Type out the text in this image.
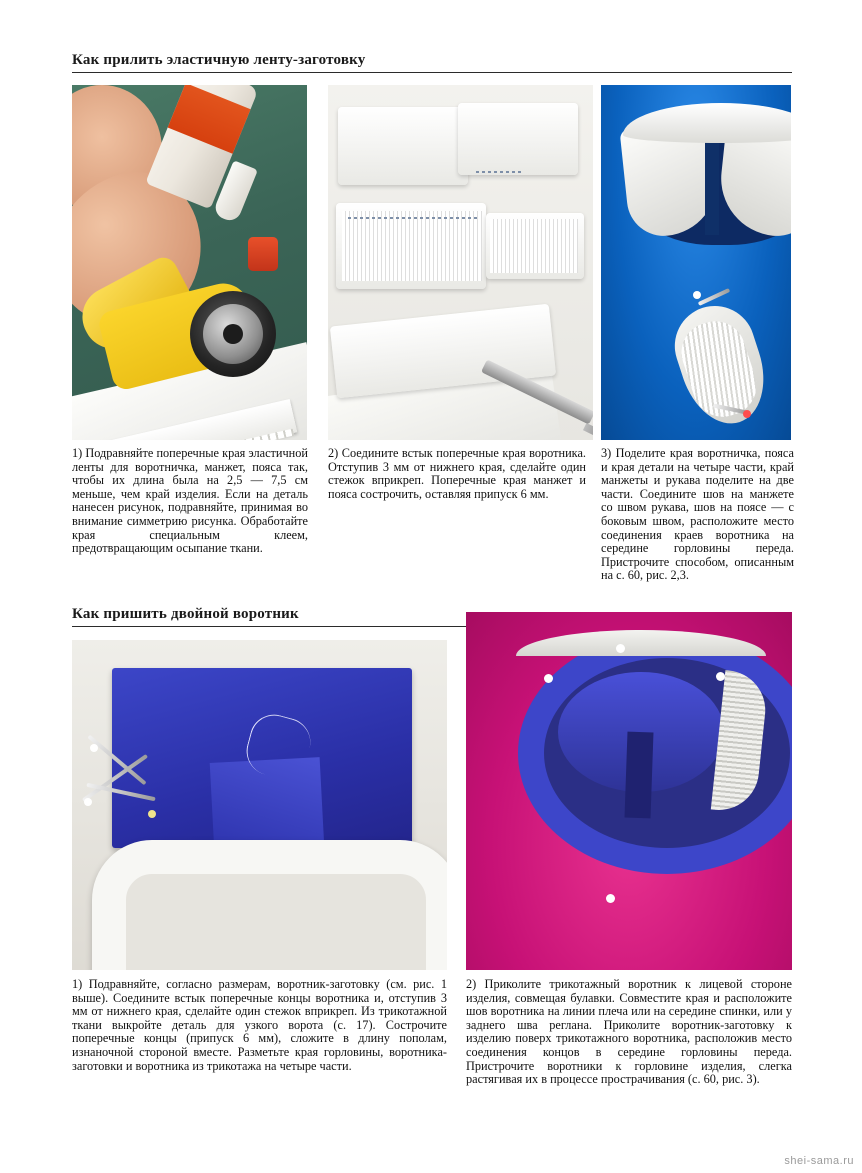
Как прилить эластичную ленту-заготовку
1) Подравняйте поперечные края эластичной ленты для воротничка, манжет, пояса так, чтобы их длина была на 2,5 — 7,5 см меньше, чем край изделия. Если на деталь нанесен рисунок, подравняйте, принимая во внимание симметрию рисунка. Обработайте края специальным клеем, предотвращающим осыпание ткани.
2) Соедините встык поперечные края воротника. Отступив 3 мм от нижнего края, сделайте один стежок вприкреп. Поперечные края манжет и пояса сострочить, оставляя припуск 6 мм.
3) Поделите края воротничка, пояса и края детали на четыре части, край манжеты и рукава поделите на две части. Соедините шов на манжете со швом рукава, шов на поясе — с боковым швом, расположите место соединения краев воротника на середине горловины переда. Пристрочите способом, описанным на с. 60, рис. 2,3.
Как пришить двойной воротник
1) Подравняйте, согласно размерам, воротник-заготовку (см. рис. 1 выше). Соедините встык поперечные концы воротника и, отступив 3 мм от нижнего края, сделайте один стежок вприкреп. Из трикотажной ткани выкройте деталь для узкого ворота (с. 17). Сострочите поперечные концы (припуск 6 мм), сложите в длину пополам, изнаночной стороной вместе. Разметьте края горловины, воротника-заготовки и воротника из трикотажа на четыре части.
2) Приколите трикотажный воротник к лицевой стороне изделия, совмещая булавки. Совместите края и расположите шов воротника на линии плеча или на середине спинки, или у заднего шва реглана. Приколите воротник-заготовку к изделию поверх трикотажного воротника, расположив место соединения концов в середине горловины переда. Пристрочите воротники к горловине изделия, слегка растягивая их в процессе прострачивания (с. 60, рис. 3).
shei-sama.ru
